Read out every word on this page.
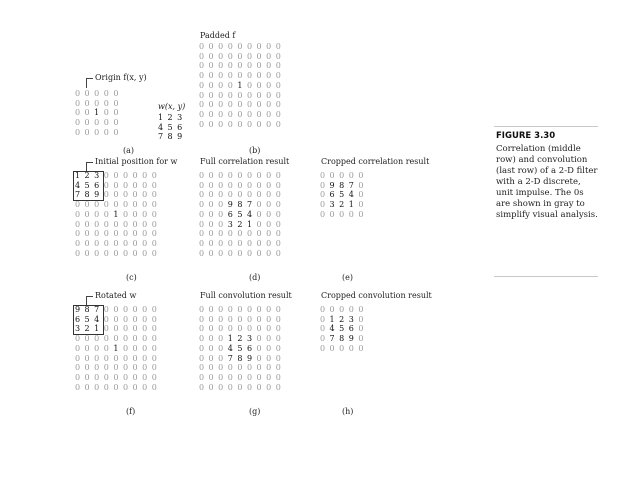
Origin f(x, y)
0 0 0 0 0
0 0 0 0 0
0 0 1 0 0
0 0 0 0 0
0 0 0 0 0
w(x, y)
1 2 3
4 5 6
7 8 9
(a)
Padded f
0 0 0 0 0 0 0 0 0
0 0 0 0 0 0 0 0 0
0 0 0 0 0 0 0 0 0
0 0 0 0 0 0 0 0 0
0 0 0 0 1 0 0 0 0
0 0 0 0 0 0 0 0 0
0 0 0 0 0 0 0 0 0
0 0 0 0 0 0 0 0 0
0 0 0 0 0 0 0 0 0
(b)
Initial position for w
1 2 3 0 0 0 0 0 0
4 5 6 0 0 0 0 0 0
7 8 9 0 0 0 0 0 0
0 0 0 0 0 0 0 0 0
0 0 0 0 1 0 0 0 0
0 0 0 0 0 0 0 0 0
0 0 0 0 0 0 0 0 0
0 0 0 0 0 0 0 0 0
0 0 0 0 0 0 0 0 0
(c)
Full correlation result
0 0 0 0 0 0 0 0 0
0 0 0 0 0 0 0 0 0
0 0 0 0 0 0 0 0 0
0 0 0 9 8 7 0 0 0
0 0 0 6 5 4 0 0 0
0 0 0 3 2 1 0 0 0
0 0 0 0 0 0 0 0 0
0 0 0 0 0 0 0 0 0
0 0 0 0 0 0 0 0 0
(d)
Cropped correlation result
0 0 0 0 0
0 9 8 7 0
0 6 5 4 0
0 3 2 1 0
0 0 0 0 0
(e)
Rotated w
9 8 7 0 0 0 0 0 0
6 5 4 0 0 0 0 0 0
3 2 1 0 0 0 0 0 0
0 0 0 0 0 0 0 0 0
0 0 0 0 1 0 0 0 0
0 0 0 0 0 0 0 0 0
0 0 0 0 0 0 0 0 0
0 0 0 0 0 0 0 0 0
0 0 0 0 0 0 0 0 0
(f)
Full convolution result
0 0 0 0 0 0 0 0 0
0 0 0 0 0 0 0 0 0
0 0 0 0 0 0 0 0 0
0 0 0 1 2 3 0 0 0
0 0 0 4 5 6 0 0 0
0 0 0 7 8 9 0 0 0
0 0 0 0 0 0 0 0 0
0 0 0 0 0 0 0 0 0
0 0 0 0 0 0 0 0 0
(g)
Cropped convolution result
0 0 0 0 0
0 1 2 3 0
0 4 5 6 0
0 7 8 9 0
0 0 0 0 0
(h)
FIGURE 3.30
Correlation (middle row) and convolution (last row) of a 2-D filter with a 2-D discrete, unit impulse. The 0s are shown in gray to simplify visual analysis.
